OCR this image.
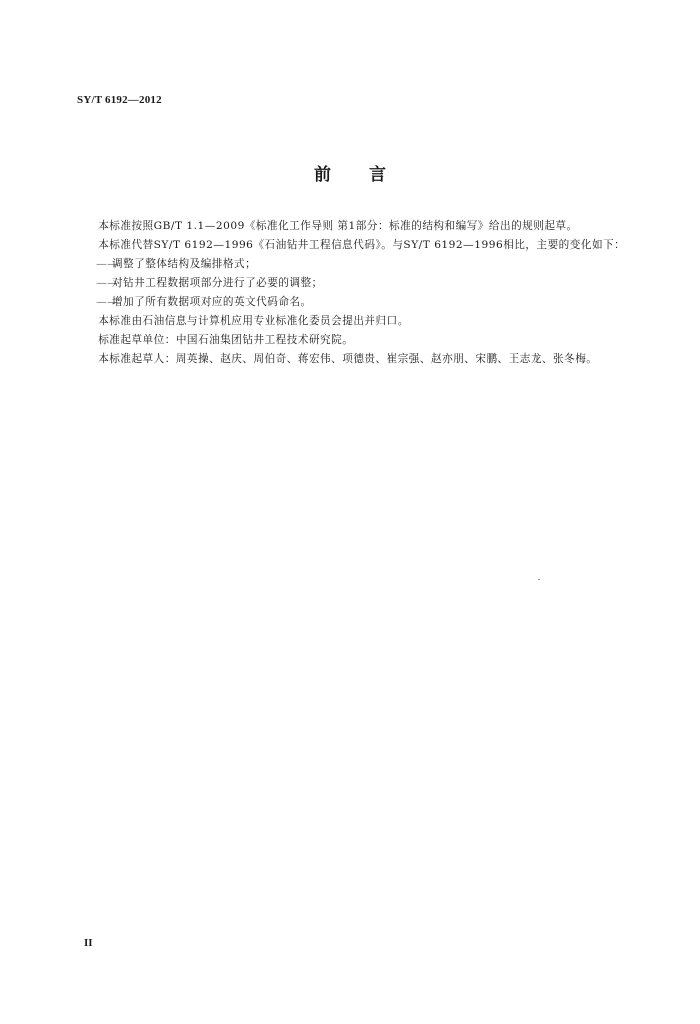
SY/T 6192—2012
前言

本标准按照GB/T 1.1—2009《标准化工作导则 第1部分：标准的结构和编写》给出的规则起草。

本标准代替SY/T 6192—1996《石油钻井工程信息代码》。与SY/T 6192—1996相比，主要的变化如下：

——调整了整体结构及编排格式；

——对钻井工程数据项部分进行了必要的调整；

——增加了所有数据项对应的英文代码命名。

本标准由石油信息与计算机应用专业标准化委员会提出并归口。

标准起草单位：中国石油集团钻井工程技术研究院。

本标准起草人：周英操、赵庆、周伯奇、蒋宏伟、项德贵、崔宗强、赵亦朋、宋鹏、王志龙、张冬梅。

II
